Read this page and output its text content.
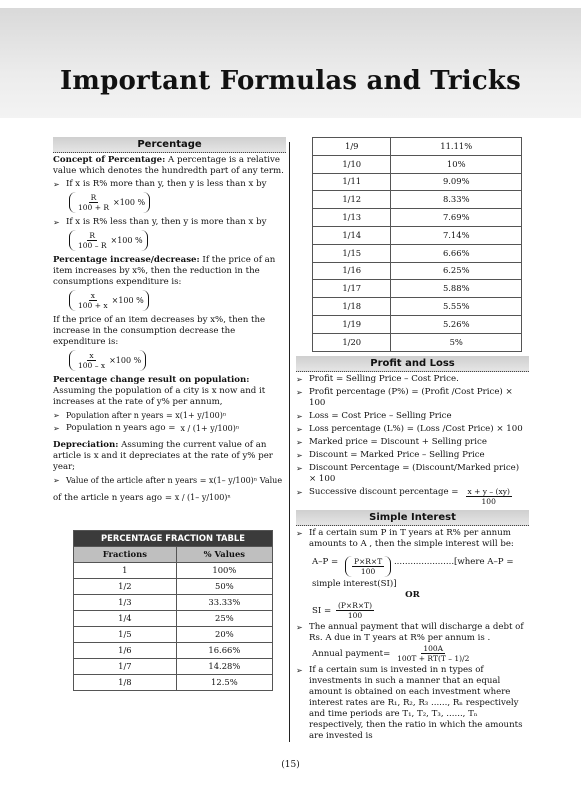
Important Formulas and Tricks
Percentage

Concept of Percentage: A percentage is a relative value which denotes the hundredth part of any term.

➢ If x is R% more than y, then y is less than x by
$\frac{R}{100 + R} \times 100$ %
➢ If x is R% less than y, then y is more than x by
$\frac{R}{100 - R} \times 100$ %

Percentage increase/decrease: If the price of an item increases by x%, then the reduction in the consumptions expenditure is:

$\frac{x}{100 + x} \times 100$ %

If the price of an item decreases by x%, then the increase in the consumption decrease the expenditure is:

$\frac{x}{100 - x} \times 100$ %

Percentage change result on population: Assuming the population of a city is x now and it increases at the rate of y% per annum,

➢ Population after n years = x(1+ y/100)ⁿ
➢ Population n years ago = x / (1+ y/100)ⁿ

Depreciation: Assuming the current value of an article is x and it depreciates at the rate of y% per year;

➢ Value of the article after n years = x(1– y/100)ⁿ Value

of the article n years ago = x / (1– y/100)ⁿ

PERCENTAGE FRACTION TABLE	
Fractions	% Values
1	100%
1/2	50%
1/3	33.33%
1/4	25%
1/5	20%
1/6	16.66%
1/7	14.28%
1/8	12.5%
1/9	11.11%
1/10	10%
1/11	9.09%
1/12	8.33%
1/13	7.69%
1/14	7.14%
1/15	6.66%
1/16	6.25%
1/17	5.88%
1/18	5.55%
1/19	5.26%
1/20	5%
Profit and Loss
➢ Profit = Selling Price – Cost Price.
➢ Profit percentage (P%) = (Profit /Cost Price) × 100
➢ Loss = Cost Price – Selling Price
➢ Loss percentage (L%) = (Loss /Cost Price) × 100
➢ Marked price = Discount + Selling price
➢ Discount = Marked Price – Selling Price
➢ Discount Percentage = (Discount/Marked price) × 100
➢ Successive discount percentage = $\frac{x + y - (xy)}{100}$
Simple Interest
➢ If a certain sum P in T years at R% per annum amounts to A , then the simple interest will be:

$A-P = \frac{P\times R\times T}{100}$ ......................[where A–P =

simple interest(SI)]

OR

SI = $\frac{(P\times R\times T)}{100}$

➢ The annual payment that will discharge a debt of Rs. A due in T years at R% per annum is .

Annual payment= $\frac{100A}{100T + RT(T - 1)/2}$

➢ If a certain sum is invested in n types of investments in such a manner that an equal amount is obtained on each investment where interest rates are R₁, R₂, R₃ ......, Rₙ respectively and time periods are T₁, T₂, T₃, ......, Tₙ respectively, then the ratio in which the amounts are invested is
(15)
